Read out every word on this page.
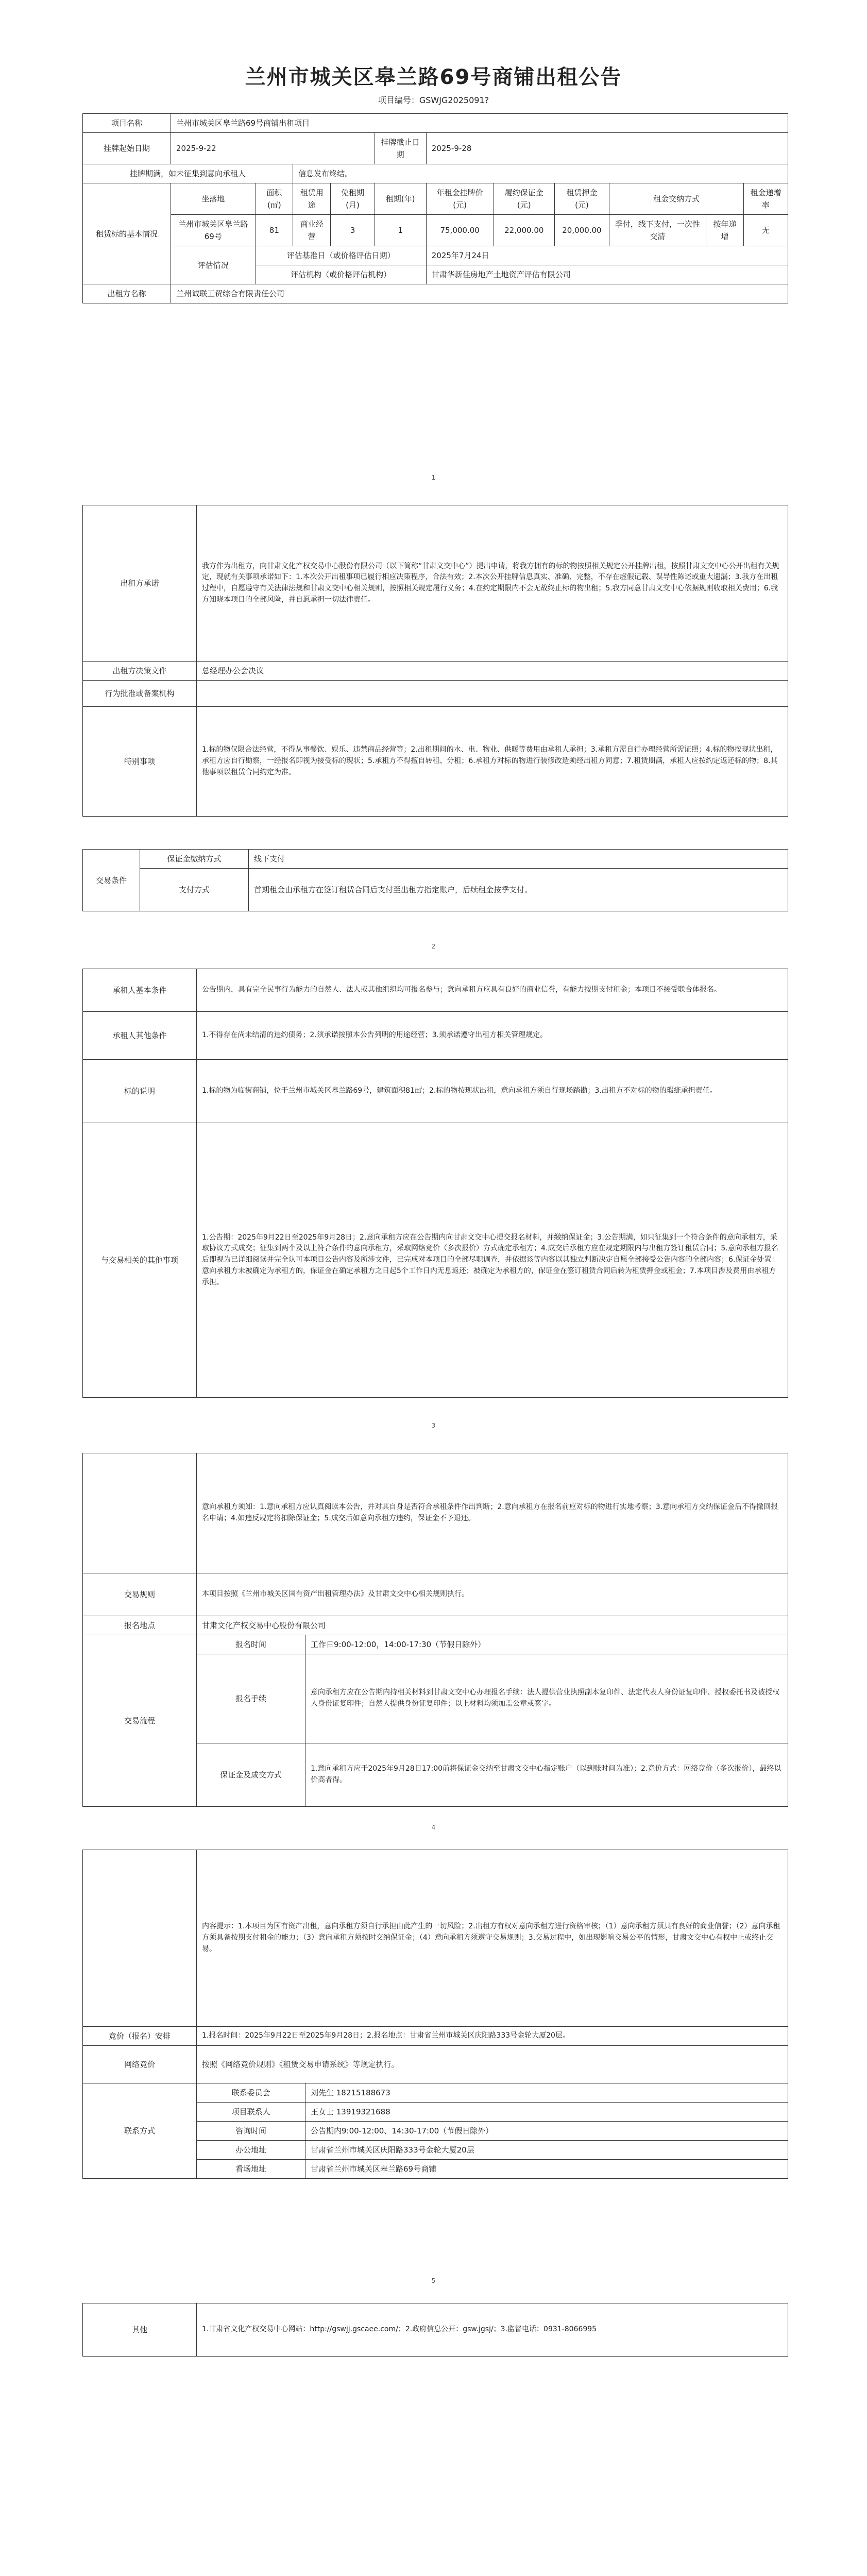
兰州市城关区皋兰路69号商铺出租公告
项目编号：GSWJG2025091?
项目名称	兰州市城关区皋兰路69号商铺出租项目										
挂牌起始日期	2025-9-22				挂牌截止日期	2025-9-28					
挂牌期满，如未征集到意向承租人			信息发布终结。								
租赁标的基本情况	坐落地	面积(㎡)	租赁用途	免租期(月)	租期(年)	年租金挂牌价(元)	履约保证金(元)	租赁押金(元)	租金交纳方式		租金递增率
	兰州市城关区皋兰路69号	81	商业经营	3	1	75,000.00	22,000.00	20,000.00	季付，线下支付，一次性交清	按年递增	无
	评估情况	评估基准日（或价格评估日期）				2025年7月24日					
		评估机构（或价格评估机构）				甘肃华新佳房地产土地资产评估有限公司					
出租方名称	兰州诚联工贸综合有限责任公司										
1
出租方承诺	我方作为出租方，向甘肃文化产权交易中心股份有限公司（以下简称“甘肃文交中心”）提出申请，将我方拥有的标的物按照相关规定公开挂牌出租，按照甘肃文交中心公开出租有关规定，现就有关事项承诺如下：1.本次公开出租事项已履行相应决策程序，合法有效；2.本次公开挂牌信息真实、准确、完整，不存在虚假记载、误导性陈述或重大遗漏；3.我方在出租过程中，自愿遵守有关法律法规和甘肃文交中心相关规则，按照相关规定履行义务；4.在约定期限内不会无故终止标的物出租；5.我方同意甘肃文交中心依据规则收取相关费用；6.我方知晓本项目的全部风险，并自愿承担一切法律责任。
出租方决策文件	总经理办公会决议
行为批准或备案机构	
特别事项	1.标的物仅限合法经营，不得从事餐饮、娱乐、违禁商品经营等；2.出租期间的水、电、物业、供暖等费用由承租人承担；3.承租方需自行办理经营所需证照；4.标的物按现状出租，承租方应自行勘察，一经报名即视为接受标的现状；5.承租方不得擅自转租、分租；6.承租方对标的物进行装修改造须经出租方同意；7.租赁期满，承租人应按约定返还标的物；8.其他事项以租赁合同约定为准。
交易条件	保证金缴纳方式	线下支付
	支付方式	首期租金由承租方在签订租赁合同后支付至出租方指定账户，后续租金按季支付。
2
承租人基本条件	公告期内，具有完全民事行为能力的自然人、法人或其他组织均可报名参与；意向承租方应具有良好的商业信誉，有能力按期支付租金；本项目不接受联合体报名。
承租人其他条件	1.不得存在尚未结清的违约债务；2.须承诺按照本公告列明的用途经营；3.须承诺遵守出租方相关管理规定。
标的说明	1.标的物为临街商铺，位于兰州市城关区皋兰路69号，建筑面积81㎡；2.标的物按现状出租，意向承租方须自行现场踏勘；3.出租方不对标的物的瑕疵承担责任。
与交易相关的其他事项	1.公告期：2025年9月22日至2025年9月28日；2.意向承租方应在公告期内向甘肃文交中心提交报名材料，并缴纳保证金；3.公告期满，如只征集到一个符合条件的意向承租方，采取协议方式成交；征集到两个及以上符合条件的意向承租方，采取网络竞价（多次报价）方式确定承租方；4.成交后承租方应在规定期限内与出租方签订租赁合同；5.意向承租方报名后即视为已详细阅读并完全认可本项目公告内容及所涉文件，已完成对本项目的全部尽职调查，并依据该等内容以其独立判断决定自愿全部接受公告内容的全部内容；6.保证金处置：意向承租方未被确定为承租方的，保证金在确定承租方之日起5个工作日内无息返还；被确定为承租方的，保证金在签订租赁合同后转为租赁押金或租金；7.本项目涉及费用由承租方承担。
3
	意向承租方须知：1.意向承租方应认真阅读本公告，并对其自身是否符合承租条件作出判断；2.意向承租方在报名前应对标的物进行实地考察；3.意向承租方交纳保证金后不得撤回报名申请；4.如违反规定将扣除保证金；5.成交后如意向承租方违约，保证金不予退还。	
交易规则	本项目按照《兰州市城关区国有资产出租管理办法》及甘肃文交中心相关规则执行。	
报名地点	甘肃文化产权交易中心股份有限公司	
交易流程	报名时间	工作日9:00-12:00，14:00-17:30（节假日除外）
	报名手续	意向承租方应在公告期内持相关材料到甘肃文交中心办理报名手续：法人提供营业执照副本复印件、法定代表人身份证复印件、授权委托书及被授权人身份证复印件；自然人提供身份证复印件；以上材料均须加盖公章或签字。
	保证金及成交方式	1.意向承租方应于2025年9月28日17:00前将保证金交纳至甘肃文交中心指定账户（以到账时间为准）；2.竞价方式：网络竞价（多次报价），最终以价高者得。
4
	内容提示：1.本项目为国有资产出租，意向承租方须自行承担由此产生的一切风险；2.出租方有权对意向承租方进行资格审核；（1）意向承租方须具有良好的商业信誉；（2）意向承租方须具备按期支付租金的能力；（3）意向承租方须按时交纳保证金；（4）意向承租方须遵守交易规则；3.交易过程中，如出现影响交易公平的情形，甘肃文交中心有权中止或终止交易。	
竞价（报名）安排	1.报名时间：2025年9月22日至2025年9月28日；2.报名地点：甘肃省兰州市城关区庆阳路333号金轮大厦20层。	
网络竞价	按照《网络竞价规则》《租赁交易申请系统》等规定执行。	
联系方式	联系委员会	刘先生 18215188673
	项目联系人	王女士 13919321688
	咨询时间	公告期内9:00-12:00、14:30-17:00（节假日除外）
	办公地址	甘肃省兰州市城关区庆阳路333号金轮大厦20层
	看场地址	甘肃省兰州市城关区皋兰路69号商铺
5
其他	1.甘肃省文化产权交易中心网站：http://gswjj.gscaee.com/；2.政府信息公开：gsw.jgsj/；3.监督电话：0931-8066995
